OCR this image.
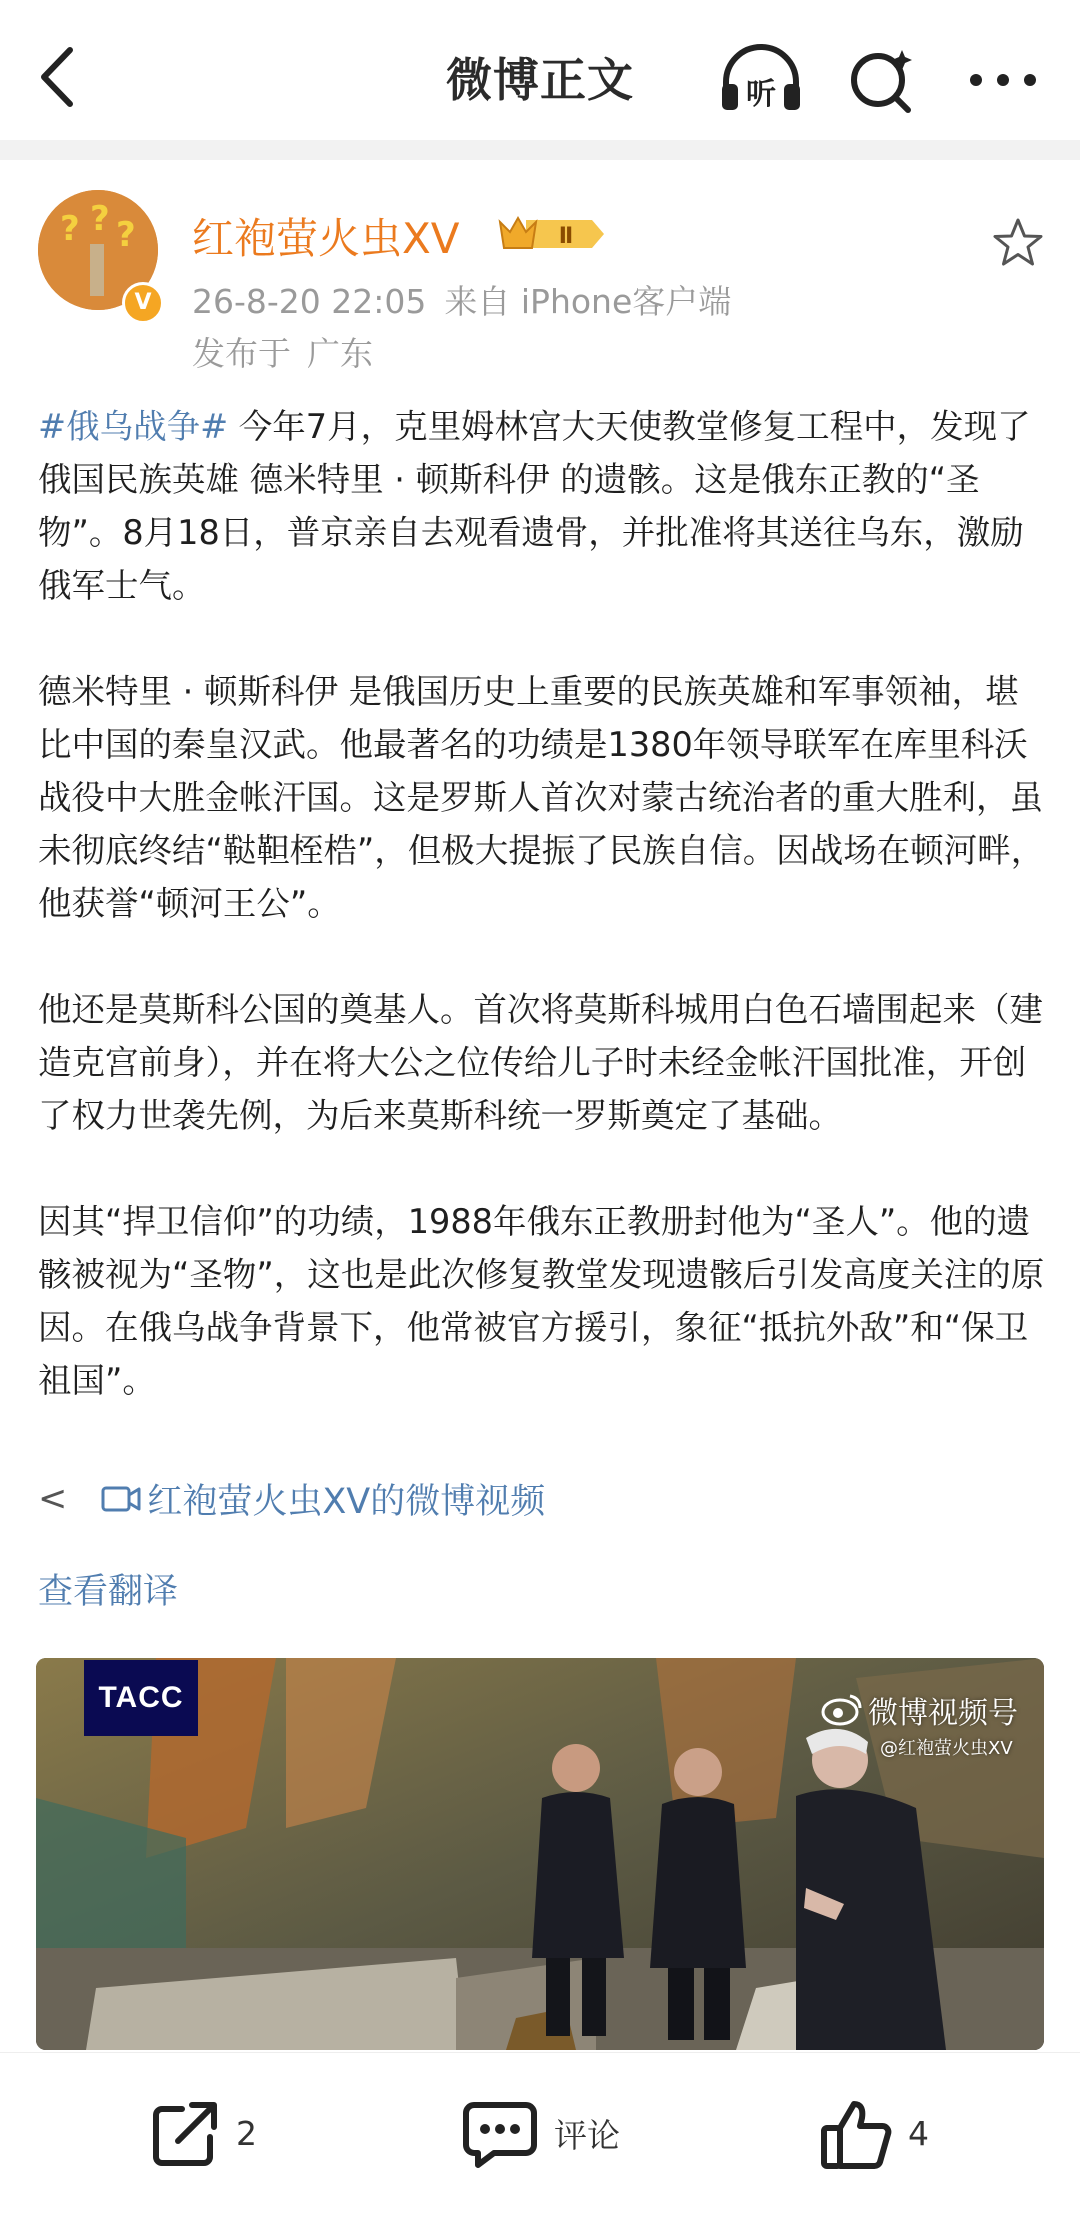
微博正文	听
? ? ?
V
红袍萤火虫XV	Ⅱ
26-8-20 22:05 来自 iPhone客户端
发布于 广东

#俄乌战争# 今年7月，克里姆林宫大天使教堂修复工程中，发现了俄国民族英雄 德米特里 · 顿斯科伊 的遗骸。这是俄东正教的“圣物”。8月18日，普京亲自去观看遗骨，并批准将其送往乌东，激励俄军士气。

德米特里 · 顿斯科伊 是俄国历史上重要的民族英雄和军事领袖，堪比中国的秦皇汉武。他最著名的功绩是1380年领导联军在库里科沃战役中大胜金帐汗国。这是罗斯人首次对蒙古统治者的重大胜利，虽未彻底终结“鞑靼桎梏”，但极大提振了民族自信。因战场在顿河畔，他获誉“顿河王公”。

他还是莫斯科公国的奠基人。首次将莫斯科城用白色石墙围起来（建造克宫前身），并在将大公之位传给儿子时未经金帐汗国批准，开创了权力世袭先例，为后来莫斯科统一罗斯奠定了基础。

因其“捍卫信仰”的功绩，1988年俄东正教册封他为“圣人”。他的遗骸被视为“圣物”，这也是此次修复教堂发现遗骸后引发高度关注的原因。在俄乌战争背景下，他常被官方援引，象征“抵抗外敌”和“保卫祖国”。

< 红袍萤火虫XV的微博视频
查看翻译
TACC	微博视频号
@红袍萤火虫XV
2	评论	4
